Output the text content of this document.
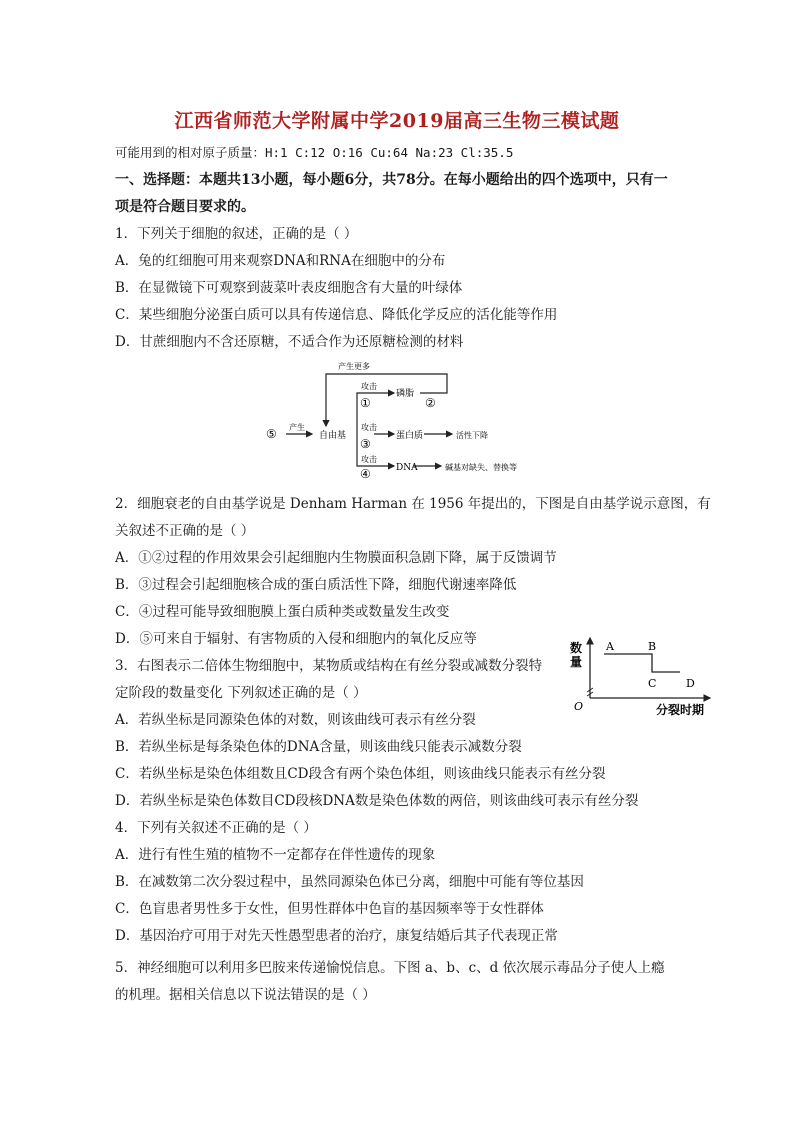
江西省师范大学附属中学2019届高三生物三模试题
可能用到的相对原子质量：H:1 C:12 O:16 Cu:64 Na:23 Cl:35.5
一、选择题：本题共13小题，每小题6分，共78分。在每小题给出的四个选项中，只有一
项是符合题目要求的。
1．下列关于细胞的叙述，正确的是（ ）
A．兔的红细胞可用来观察DNA和RNA在细胞中的分布
B．在显微镜下可观察到菠菜叶表皮细胞含有大量的叶绿体
C．某些细胞分泌蛋白质可以具有传递信息、降低化学反应的活化能等作用
D．甘蔗细胞内不含还原糖，不适合作为还原糖检测的材料
产生更多
攻击
①
磷脂
②
⑤ 产生
自由基
攻击
③
蛋白质	活性下降
攻击
④	DNA	碱基对缺失、替换等
2．细胞衰老的自由基学说是 Denham Harman 在 1956 年提出的，下图是自由基学说示意图，有
关叙述不正确的是（ ）
A．①②过程的作用效果会引起细胞内生物膜面积急剧下降，属于反馈调节
B．③过程会引起细胞核合成的蛋白质活性下降，细胞代谢速率降低
C．④过程可能导致细胞膜上蛋白质种类或数量发生改变
D．⑤可来自于辐射、有害物质的入侵和细胞内的氧化反应等
数
量
A	B
C	D
O	分裂时期
3．右图表示二倍体生物细胞中，某物质或结构在有丝分裂或减数分裂特
定阶段的数量变化 下列叙述正确的是（ ）
A．若纵坐标是同源染色体的对数，则该曲线可表示有丝分裂
B．若纵坐标是每条染色体的DNA含量，则该曲线只能表示减数分裂
C．若纵坐标是染色体组数且CD段含有两个染色体组，则该曲线只能表示有丝分裂
D．若纵坐标是染色体数目CD段核DNA数是染色体数的两倍，则该曲线可表示有丝分裂
4．下列有关叙述不正确的是（ ）
A．进行有性生殖的植物不一定都存在伴性遗传的现象
B．在减数第二次分裂过程中，虽然同源染色体已分离，细胞中可能有等位基因
C．色盲患者男性多于女性，但男性群体中色盲的基因频率等于女性群体
D．基因治疗可用于对先天性愚型患者的治疗，康复结婚后其子代表现正常
5．神经细胞可以利用多巴胺来传递愉悦信息。下图 a、b、c、d 依次展示毒品分子使人上瘾
的机理。据相关信息以下说法错误的是（ ）
